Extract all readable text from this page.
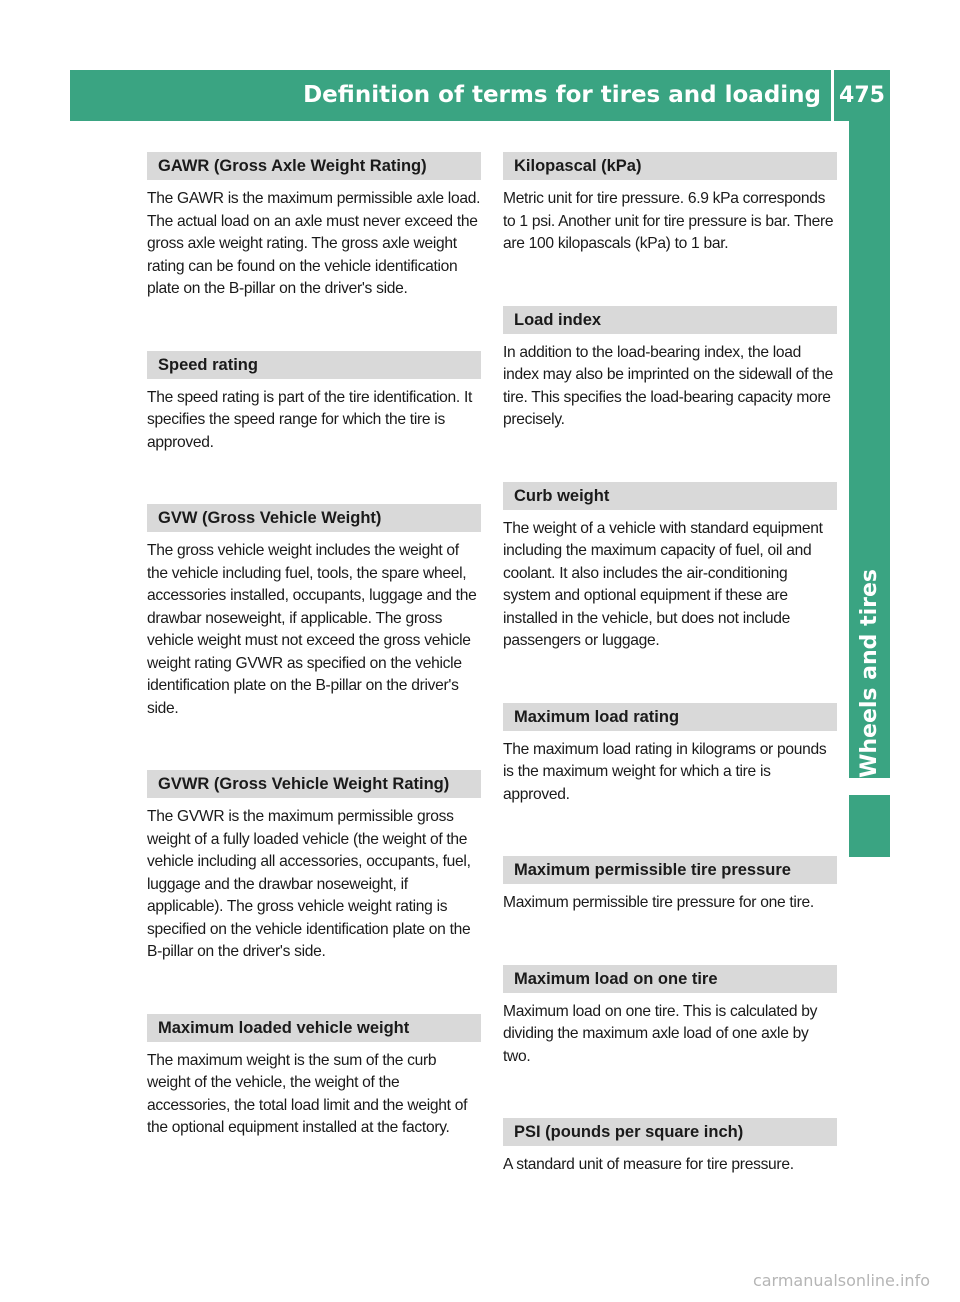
Definition of terms for tires and loading 475
Wheels and tires
GAWR (Gross Axle Weight Rating)

The GAWR is the maximum permissible axle load. The actual load on an axle must never exceed the gross axle weight rating. The gross axle weight rating can be found on the vehicle identification plate on the B-pillar on the driver's side.

Speed rating

The speed rating is part of the tire identification. It specifies the speed range for which the tire is approved.

GVW (Gross Vehicle Weight)

The gross vehicle weight includes the weight of the vehicle including fuel, tools, the spare wheel, accessories installed, occupants, luggage and the drawbar noseweight, if applicable. The gross vehicle weight must not exceed the gross vehicle weight rating GVWR as specified on the vehicle identification plate on the B-pillar on the driver's side.

GVWR (Gross Vehicle Weight Rating)

The GVWR is the maximum permissible gross weight of a fully loaded vehicle (the weight of the vehicle including all accessories, occupants, fuel, luggage and the drawbar noseweight, if applicable). The gross vehicle weight rating is specified on the vehicle identification plate on the B-pillar on the driver's side.

Maximum loaded vehicle weight

The maximum weight is the sum of the curb weight of the vehicle, the weight of the accessories, the total load limit and the weight of the optional equipment installed at the factory.

Kilopascal (kPa)

Metric unit for tire pressure. 6.9 kPa corresponds to 1 psi. Another unit for tire pressure is bar. There are 100 kilopascals (kPa) to 1 bar.

Load index

In addition to the load-bearing index, the load index may also be imprinted on the sidewall of the tire. This specifies the load-bearing capacity more precisely.

Curb weight

The weight of a vehicle with standard equipment including the maximum capacity of fuel, oil and coolant. It also includes the air-conditioning system and optional equipment if these are installed in the vehicle, but does not include passengers or luggage.

Maximum load rating

The maximum load rating in kilograms or pounds is the maximum weight for which a tire is approved.

Maximum permissible tire pressure

Maximum permissible tire pressure for one tire.

Maximum load on one tire

Maximum load on one tire. This is calculated by dividing the maximum axle load of one axle by two.

PSI (pounds per square inch)

A standard unit of measure for tire pressure.

carmanualsonline.info
